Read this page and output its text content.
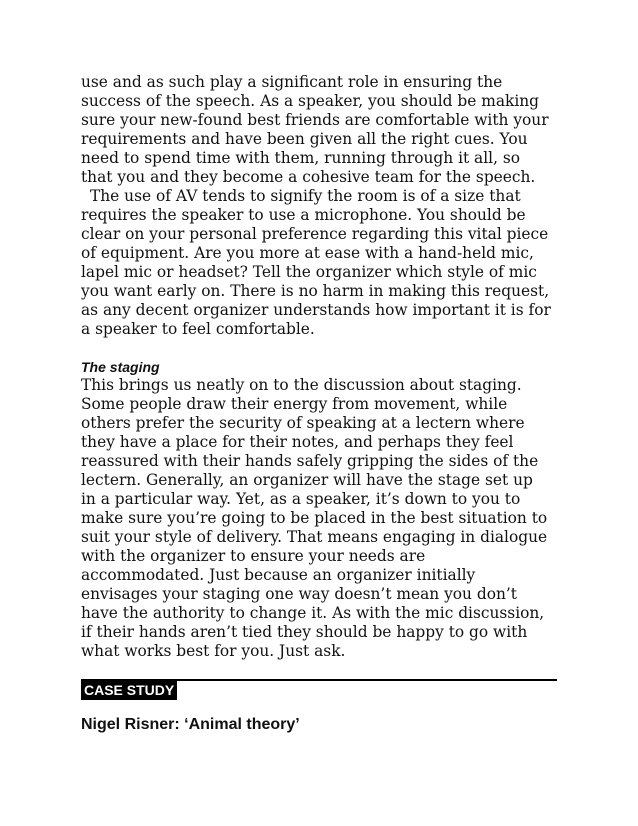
use and as such play a significant role in ensuring the
success of the speech. As a speaker, you should be making
sure your new-found best friends are comfortable with your
requirements and have been given all the right cues. You
need to spend time with them, running through it all, so
that you and they become a cohesive team for the speech.

The use of AV tends to signify the room is of a size that
requires the speaker to use a microphone. You should be
clear on your personal preference regarding this vital piece
of equipment. Are you more at ease with a hand-held mic,
lapel mic or headset? Tell the organizer which style of mic
you want early on. There is no harm in making this request,
as any decent organizer understands how important it is for
a speaker to feel comfortable.

The staging

This brings us neatly on to the discussion about staging.
Some people draw their energy from movement, while
others prefer the security of speaking at a lectern where
they have a place for their notes, and perhaps they feel
reassured with their hands safely gripping the sides of the
lectern. Generally, an organizer will have the stage set up
in a particular way. Yet, as a speaker, it’s down to you to
make sure you’re going to be placed in the best situation to
suit your style of delivery. That means engaging in dialogue
with the organizer to ensure your needs are
accommodated. Just because an organizer initially
envisages your staging one way doesn’t mean you don’t
have the authority to change it. As with the mic discussion,
if their hands aren’t tied they should be happy to go with
what works best for you. Just ask.

CASE STUDY
Nigel Risner: ‘Animal theory’
